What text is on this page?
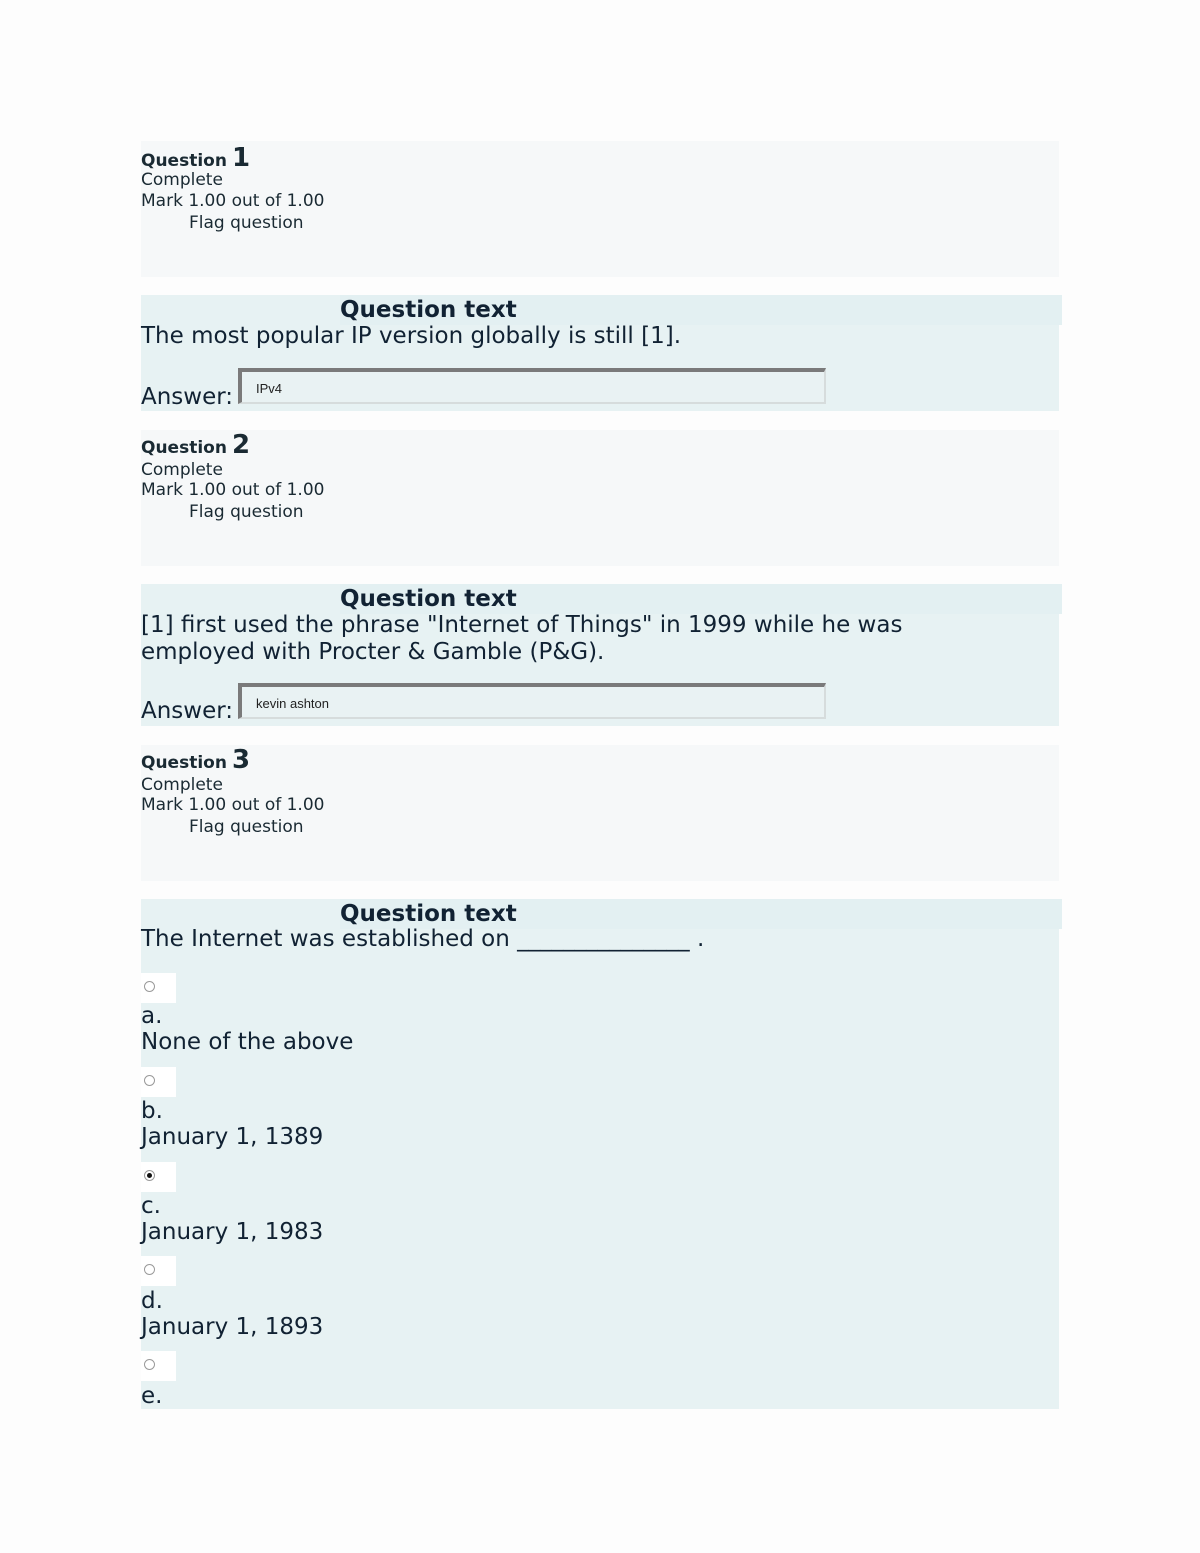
Question 1
Complete
Mark 1.00 out of 1.00
Flag question
Question text
The most popular IP version globally is still [1].
Answer:
IPv4
Question 2
Complete
Mark 1.00 out of 1.00
Flag question
Question text
[1] first used the phrase "Internet of Things" in 1999 while he was employed with Procter & Gamble (P&G).
Answer:
kevin ashton
Question 3
Complete
Mark 1.00 out of 1.00
Flag question
Question text
The Internet was established on _______________ .
a.
None of the above
b.
January 1, 1389
c.
January 1, 1983
d.
January 1, 1893
e.
